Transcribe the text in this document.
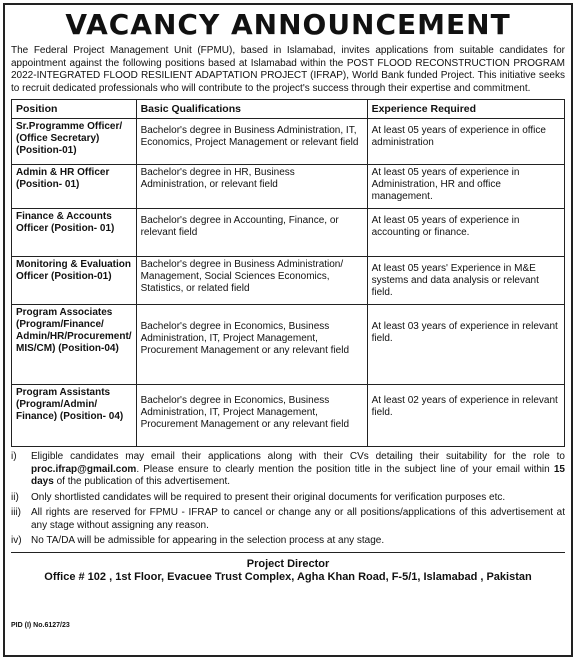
VACANCY ANNOUNCEMENT

The Federal Project Management Unit (FPMU), based in Islamabad, invites applications from suitable candidates for appointment against the following positions based at Islamabad within the POST FLOOD RECONSTRUCTION PROGRAM 2022-INTEGRATED FLOOD RESILIENT ADAPTATION PROJECT (IFRAP), World Bank funded Project. This initiative seeks to recruit dedicated professionals who will contribute to the project's success through their expertise and commitment.

Position	Basic Qualifications	Experience Required
Sr.Programme Officer/ (Office Secretary) (Position-01)	Bachelor's degree in Business Administration, IT, Economics, Project Management or relevant field	At least 05 years of experience in office administration
Admin & HR Officer (Position- 01)	Bachelor's degree in HR, Business Administration, or relevant field	At least 05 years of experience in Administration, HR and office management.
Finance & Accounts Officer (Position- 01)	Bachelor's degree in Accounting, Finance, or relevant field	At least 05 years of experience in accounting or finance.
Monitoring & Evaluation Officer (Position-01)	Bachelor's degree in Business Administration/ Management, Social Sciences Economics, Statistics, or related field	At least 05 years' Experience in M&E systems and data analysis or relevant field.
Program Associates (Program/Finance/ Admin/HR/Procurement/ MIS/CM) (Position-04)	Bachelor's degree in Economics, Business Administration, IT, Project Management, Procurement Management or any relevant field	At least 03 years of experience in relevant field.
Program Assistants (Program/Admin/ Finance) (Position- 04)	Bachelor's degree in Economics, Business Administration, IT, Project Management, Procurement Management or any relevant field	At least 02 years of experience in relevant field.
i)	Eligible candidates may email their applications along with their CVs detailing their suitability for the role to proc.ifrap@gmail.com. Please ensure to clearly mention the position title in the subject line of your email within 15 days of the publication of this advertisement.
ii)	Only shortlisted candidates will be required to present their original documents for verification purposes etc.
iii)	All rights are reserved for FPMU - IFRAP to cancel or change any or all positions/applications of this advertisement at any stage without assigning any reason.
iv) No TA/DA will be admissible for appearing in the selection process at any stage.
Project Director
Office # 102 , 1st Floor, Evacuee Trust Complex, Agha Khan Road, F-5/1, Islamabad , Pakistan
PID (I) No.6127/23
